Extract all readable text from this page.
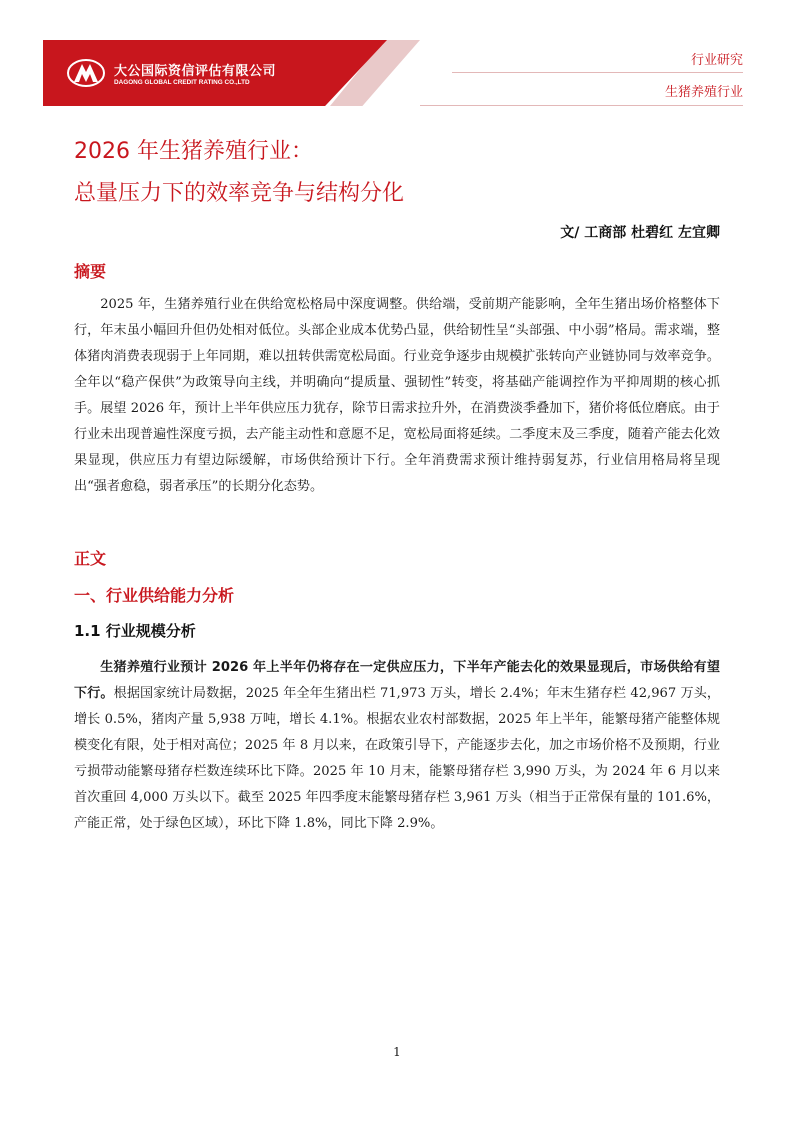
大公国际资信评估有限公司
DAGONG GLOBAL CREDIT RATING CO.,LTD
行业研究
生猪养殖行业
2026 年生猪养殖行业：
总量压力下的效率竞争与结构分化
文/ 工商部 杜碧红 左宜卿
摘要

2025 年，生猪养殖行业在供给宽松格局中深度调整。供给端，受前期产能影响，全年生猪出场价格整体下行，年末虽小幅回升但仍处相对低位。头部企业成本优势凸显，供给韧性呈“头部强、中小弱”格局。需求端，整体猪肉消费表现弱于上年同期，难以扭转供需宽松局面。行业竞争逐步由规模扩张转向产业链协同与效率竞争。全年以“稳产保供”为政策导向主线，并明确向“提质量、强韧性”转变，将基础产能调控作为平抑周期的核心抓手。展望 2026 年，预计上半年供应压力犹存，除节日需求拉升外，在消费淡季叠加下，猪价将低位磨底。由于行业未出现普遍性深度亏损，去产能主动性和意愿不足，宽松局面将延续。二季度末及三季度，随着产能去化效果显现，供应压力有望边际缓解，市场供给预计下行。全年消费需求预计维持弱复苏，行业信用格局将呈现出“强者愈稳，弱者承压”的长期分化态势。

正文
一、行业供给能力分析
1.1 行业规模分析

生猪养殖行业预计 2026 年上半年仍将存在一定供应压力，下半年产能去化的效果显现后，市场供给有望下行。根据国家统计局数据，2025 年全年生猪出栏 71,973 万头，增长 2.4%；年末生猪存栏 42,967 万头，增长 0.5%，猪肉产量 5,938 万吨，增长 4.1%。根据农业农村部数据，2025 年上半年，能繁母猪产能整体规模变化有限，处于相对高位；2025 年 8 月以来，在政策引导下，产能逐步去化，加之市场价格不及预期，行业亏损带动能繁母猪存栏数连续环比下降。2025 年 10 月末，能繁母猪存栏 3,990 万头，为 2024 年 6 月以来首次重回 4,000 万头以下。截至 2025 年四季度末能繁母猪存栏 3,961 万头（相当于正常保有量的 101.6%，产能正常，处于绿色区域），环比下降 1.8%，同比下降 2.9%。

1
